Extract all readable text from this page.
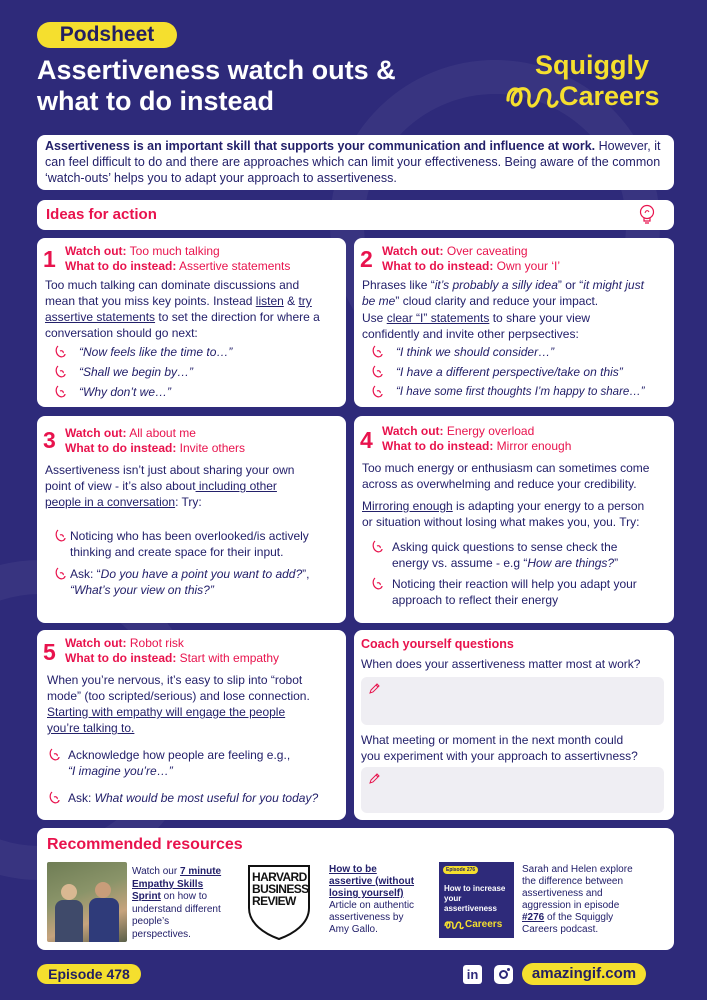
Podsheet
Assertiveness watch outs &
what to do instead
Squiggly
Careers
Assertiveness is an important skill that supports your communication and influence at work. However, it can feel difficult to do and there are approaches which can limit your effectiveness. Being aware of the common ‘watch-outs’ helps you to adapt your approach to assertiveness.
Ideas for action
1 Watch out: Too much talking
What to do instead: Assertive statements
Too much talking can dominate discussions and
mean that you miss key points. Instead listen & try
assertive statements to set the direction for where a
conversation should go next:
“Now feels like the time to…”
“Shall we begin by…”
“Why don’t we…”
2 Watch out: Over caveating
What to do instead: Own your ‘I’
Phrases like “it’s probably a silly idea” or “it might just
be me” cloud clarity and reduce your impact.
Use clear “I” statements to share your view
confidently and invite other perpsectives:
“I think we should consider…”
“I have a different perspective/take on this”
“I have some first thoughts I’m happy to share…”
3 Watch out: All about me
What to do instead: Invite others
Assertiveness isn’t just about sharing your own
point of view - it’s also about including other
people in a conversation: Try:
Noticing who has been overlooked/is actively
thinking and create space for their input.
Ask: “Do you have a point you want to add?”,
“What’s your view on this?”
4 Watch out: Energy overload
What to do instead: Mirror enough
Too much energy or enthusiasm can sometimes come
across as overwhelming and reduce your credibility.
Mirroring enough is adapting your energy to a person
or situation without losing what makes you, you. Try:
Asking quick questions to sense check the
energy vs. assume - e.g “How are things?”
Noticing their reaction will help you adapt your
approach to reflect their energy
5 Watch out: Robot risk
What to do instead: Start with empathy
When you’re nervous, it’s easy to slip into “robot
mode” (too scripted/serious) and lose connection.
Starting with empathy will engage the people
you’re talking to.
Acknowledge how people are feeling e.g.,
“I imagine you’re…”
Ask: What would be most useful for you today?
Coach yourself questions
When does your assertiveness matter most at work?
What meeting or moment in the next month could
you experiment with your approach to assertivness?
Recommended resources
Watch our 7 minute
Empathy Skills
Sprint on how to
understand different
people’s
perspectives.
HARVARD
BUSINESS
REVIEW
How to be
assertive (without
losing yourself)
Article on authentic
assertiveness by
Amy Gallo.
Episode 276
How to increase
your assertiveness
Careers
Sarah and Helen explore
the difference between
assertiveness and
aggression in episode
#276 of the Squiggly
Careers podcast.
Episode 478	in	amazingif.com
